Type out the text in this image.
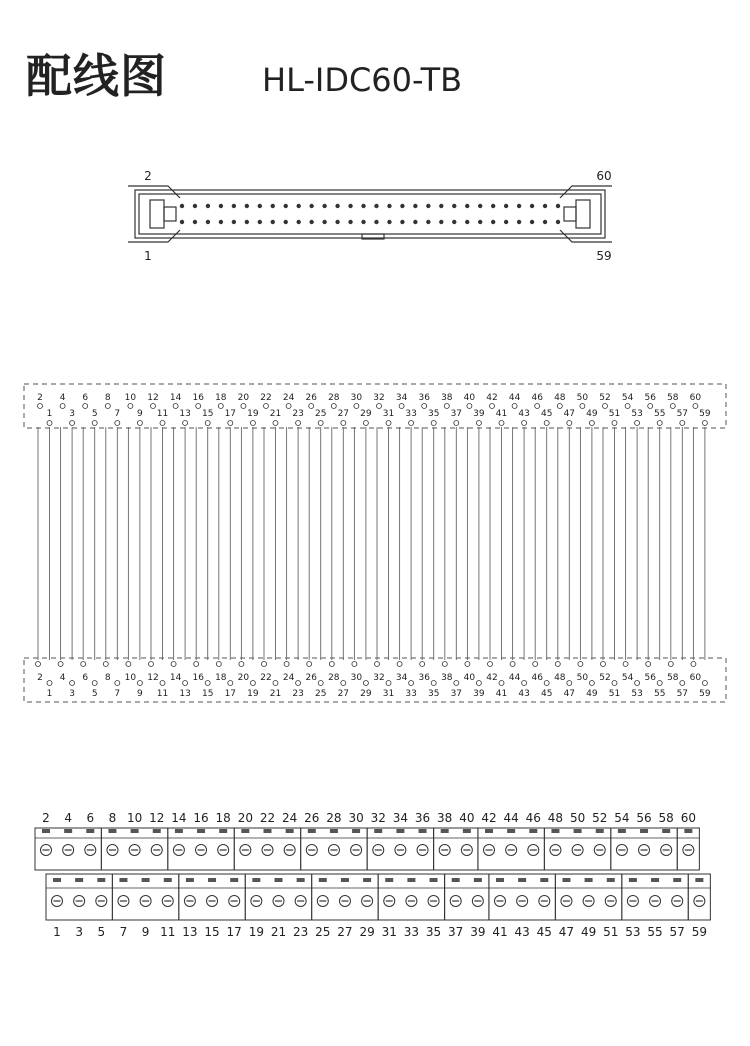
配线图	HL-IDC60-TB
2
1
60
59
2
1
2
1
4
3
4
3
6
5
6
5
8
7
8
7
10
9
10
9
12
11
12
11
14
13
14
13
16
15
16
15
18
17
18
17
20
19
20
19
22
21
22
21
24
23
24
23
26
25
26
25
28
27
28
27
30
29
30
29
32
31
32
31
34
33
34
33
36
35
36
35
38
37
38
37
40
39
40
39
42
41
42
41
44
43
44
43
46
45
46
45
48
47
48
47
50
49
50
49
52
51
52
51
54
53
54
53
56
55
56
55
58
57
58
57
60
59
60
59
2 4 6 8 10 12 14 16 18 20 22 24 26 28 30 32 34 36 38 40 42 44 46 48 50 52 54 56 58 60
1 3 5 7 9 11 13 15 17 19 21 23 25 27 29 31 33 35 37 39 41 43 45 47 49 51 53 55 57 59
